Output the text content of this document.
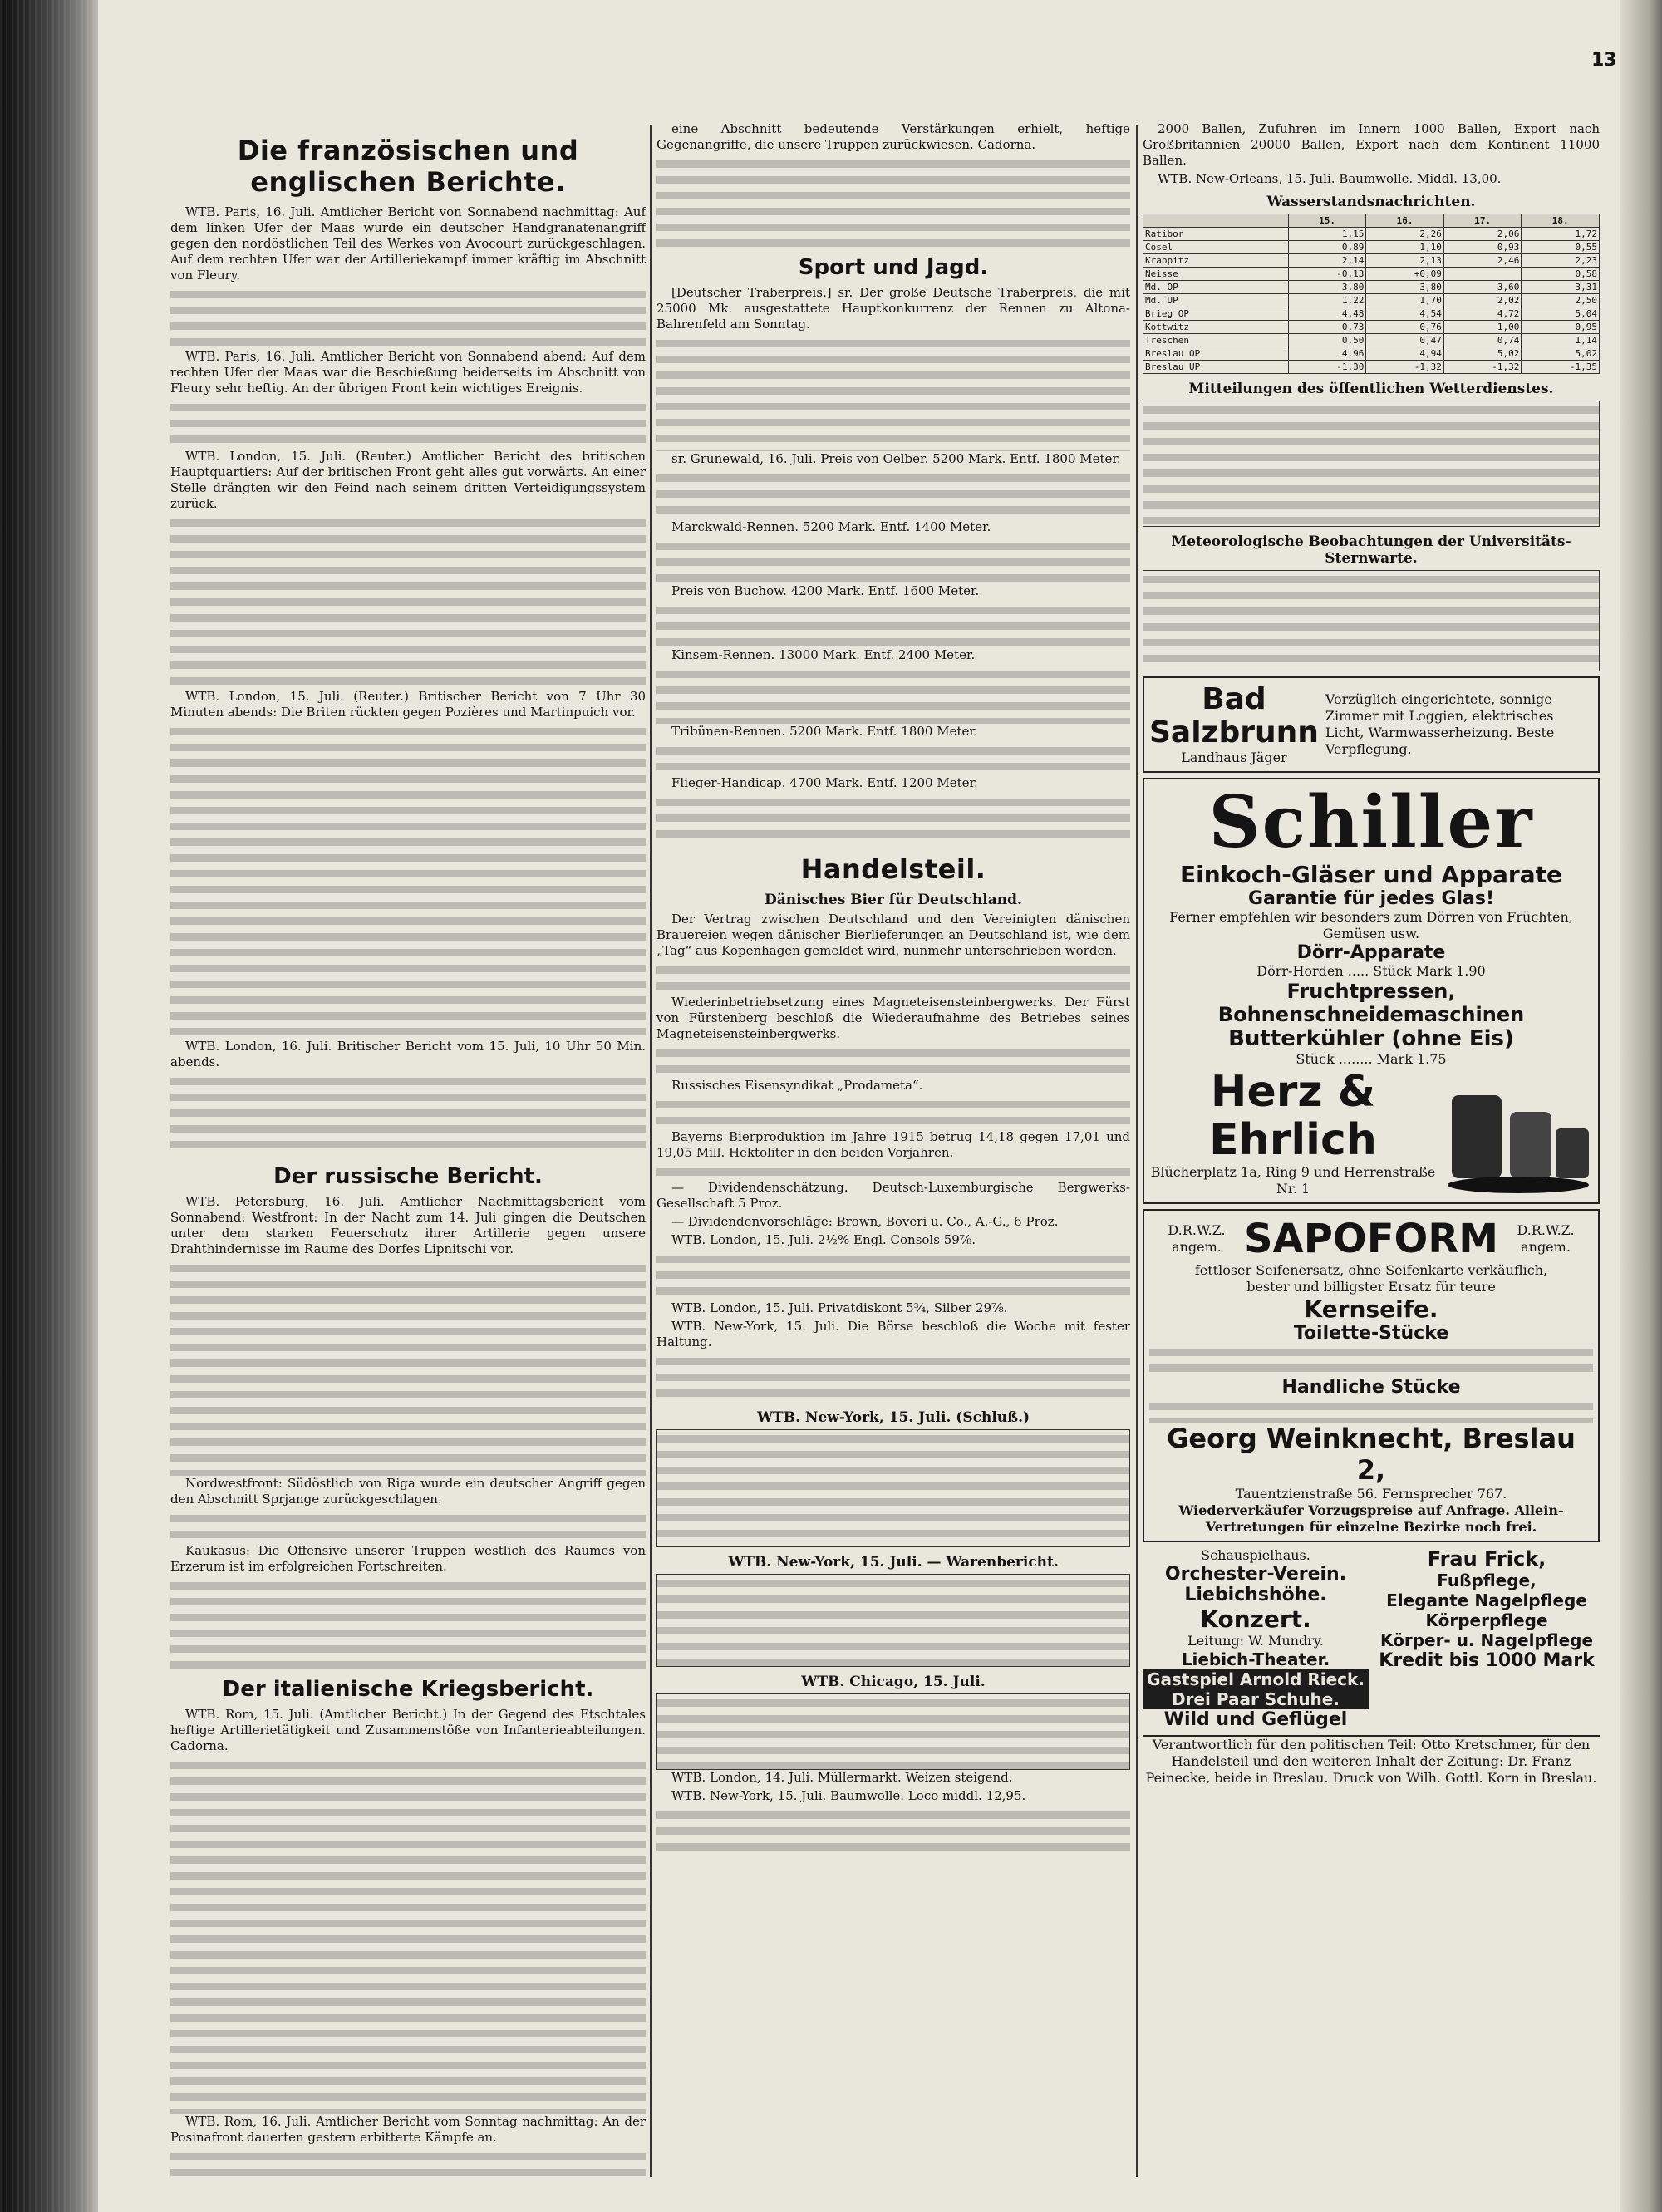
13
Die französischen und englischen Berichte.

WTB. Paris, 16. Juli. Amtlicher Bericht von Sonnabend nachmittag: Auf dem linken Ufer der Maas wurde ein deutscher Handgranatenangriff gegen den nordöstlichen Teil des Werkes von Avocourt zurückgeschlagen. Auf dem rechten Ufer war der Artilleriekampf immer kräftig im Abschnitt von Fleury.

WTB. Paris, 16. Juli. Amtlicher Bericht von Sonnabend abend: Auf dem rechten Ufer der Maas war die Beschießung beiderseits im Abschnitt von Fleury sehr heftig. An der übrigen Front kein wichtiges Ereignis.

WTB. London, 15. Juli. (Reuter.) Amtlicher Bericht des britischen Hauptquartiers: Auf der britischen Front geht alles gut vorwärts. An einer Stelle drängten wir den Feind nach seinem dritten Verteidigungssystem zurück.

WTB. London, 15. Juli. (Reuter.) Britischer Bericht von 7 Uhr 30 Minuten abends: Die Briten rückten gegen Pozières und Martinpuich vor.

WTB. London, 16. Juli. Britischer Bericht vom 15. Juli, 10 Uhr 50 Min. abends.

Der russische Bericht.

WTB. Petersburg, 16. Juli. Amtlicher Nachmittagsbericht vom Sonnabend: Westfront: In der Nacht zum 14. Juli gingen die Deutschen unter dem starken Feuerschutz ihrer Artillerie gegen unsere Drahthindernisse im Raume des Dorfes Lipnitschi vor.

Nordwestfront: Südöstlich von Riga wurde ein deutscher Angriff gegen den Abschnitt Sprjange zurückgeschlagen.

Kaukasus: Die Offensive unserer Truppen westlich des Raumes von Erzerum ist im erfolgreichen Fortschreiten.

Der italienische Kriegsbericht.

WTB. Rom, 15. Juli. (Amtlicher Bericht.) In der Gegend des Etschtales heftige Artillerietätigkeit und Zusammenstöße von Infanterieabteilungen. Cadorna.

WTB. Rom, 16. Juli. Amtlicher Bericht vom Sonntag nachmittag: An der Posinafront dauerten gestern erbitterte Kämpfe an.

eine Abschnitt bedeutende Verstärkungen erhielt, heftige Gegenangriffe, die unsere Truppen zurückwiesen. Cadorna.

Sport und Jagd.

[Deutscher Traberpreis.] sr. Der große Deutsche Traberpreis, die mit 25000 Mk. ausgestattete Hauptkonkurrenz der Rennen zu Altona-Bahrenfeld am Sonntag.

sr. Grunewald, 16. Juli. Preis von Oelber. 5200 Mark. Entf. 1800 Meter.

Marckwald-Rennen. 5200 Mark. Entf. 1400 Meter.

Preis von Buchow. 4200 Mark. Entf. 1600 Meter.

Kinsem-Rennen. 13000 Mark. Entf. 2400 Meter.

Tribünen-Rennen. 5200 Mark. Entf. 1800 Meter.

Flieger-Handicap. 4700 Mark. Entf. 1200 Meter.

Handelsteil.
Dänisches Bier für Deutschland.

Der Vertrag zwischen Deutschland und den Vereinigten dänischen Brauereien wegen dänischer Bierlieferungen an Deutschland ist, wie dem „Tag“ aus Kopenhagen gemeldet wird, nunmehr unterschrieben worden.

Wiederinbetriebsetzung eines Magneteisensteinbergwerks. Der Fürst von Fürstenberg beschloß die Wiederaufnahme des Betriebes seines Magneteisensteinbergwerks.

Russisches Eisensyndikat „Prodameta“.

Bayerns Bierproduktion im Jahre 1915 betrug 14,18 gegen 17,01 und 19,05 Mill. Hektoliter in den beiden Vorjahren.

— Dividendenschätzung. Deutsch-Luxemburgische Bergwerks-Gesellschaft 5 Proz.

— Dividendenvorschläge: Brown, Boveri u. Co., A.-G., 6 Proz.

WTB. London, 15. Juli. 2½% Engl. Consols 59⅞.

WTB. London, 15. Juli. Privatdiskont 5¾, Silber 29⅞.

WTB. New-York, 15. Juli. Die Börse beschloß die Woche mit fester Haltung.

WTB. New-York, 15. Juli. (Schluß.)
WTB. New-York, 15. Juli. — Warenbericht.
WTB. Chicago, 15. Juli.

WTB. London, 14. Juli. Müllermarkt. Weizen steigend.

WTB. New-York, 15. Juli. Baumwolle. Loco middl. 12,95.

2000 Ballen, Zufuhren im Innern 1000 Ballen, Export nach Großbritannien 20000 Ballen, Export nach dem Kontinent 11000 Ballen.

WTB. New-Orleans, 15. Juli. Baumwolle. Middl. 13,00.

Wasserstandsnachrichten.
	15.	16.	17.	18.
Ratibor	1,15	2,26	2,06	1,72
Cosel	0,89	1,10	0,93	0,55
Krappitz	2,14	2,13	2,46	2,23
Neisse	-0,13	+0,09		0,58
Md. OP	3,80	3,80	3,60	3,31
Md. UP	1,22	1,70	2,02	2,50
Brieg OP	4,48	4,54	4,72	5,04
Kottwitz	0,73	0,76	1,00	0,95
Treschen	0,50	0,47	0,74	1,14
Breslau OP	4,96	4,94	5,02	5,02
Breslau UP	-1,30	-1,32	-1,32	-1,35
Mitteilungen des öffentlichen Wetterdienstes.
Meteorologische Beobachtungen der Universitäts-Sternwarte.
Bad Salzbrunn
Landhaus Jäger
Vorzüglich eingerichtete, sonnige Zimmer mit Loggien, elektrisches Licht, Warmwasserheizung. Beste Verpflegung.
Schiller
Einkoch-Gläser und Apparate
Garantie für jedes Glas!
Ferner empfehlen wir besonders zum Dörren von Früchten, Gemüsen usw.
Dörr-Apparate
Dörr-Horden ..... Stück Mark 1.90
Fruchtpressen, Bohnenschneidemaschinen
Butterkühler (ohne Eis)
Stück ........ Mark 1.75
Herz & Ehrlich
Blücherplatz 1a, Ring 9 und Herrenstraße Nr. 1
D.R.W.Z. angem. SAPOFORM	D.R.W.Z. angem.
fettloser Seifenersatz, ohne Seifenkarte verkäuflich,
bester und billigster Ersatz für teure
Kernseife.
Toilette-Stücke
Handliche Stücke
Georg Weinknecht, Breslau 2,
Tauentzienstraße 56. Fernsprecher 767.
Wiederverkäufer Vorzugspreise auf Anfrage. Allein-Vertretungen für einzelne Bezirke noch frei.
Schauspielhaus.
Orchester-Verein. Liebichshöhe.
Konzert.
Leitung: W. Mundry.
Liebich-Theater.
Gastspiel Arnold Rieck.
Drei Paar Schuhe.
Wild und Geflügel
Frau Frick,
Fußpflege,
Elegante Nagelpflege
Körperpflege
Körper- u. Nagelpflege
Kredit bis 1000 Mark
Verantwortlich für den politischen Teil: Otto Kretschmer, für den Handelsteil und den weiteren Inhalt der Zeitung: Dr. Franz Peinecke, beide in Breslau. Druck von Wilh. Gottl. Korn in Breslau.
